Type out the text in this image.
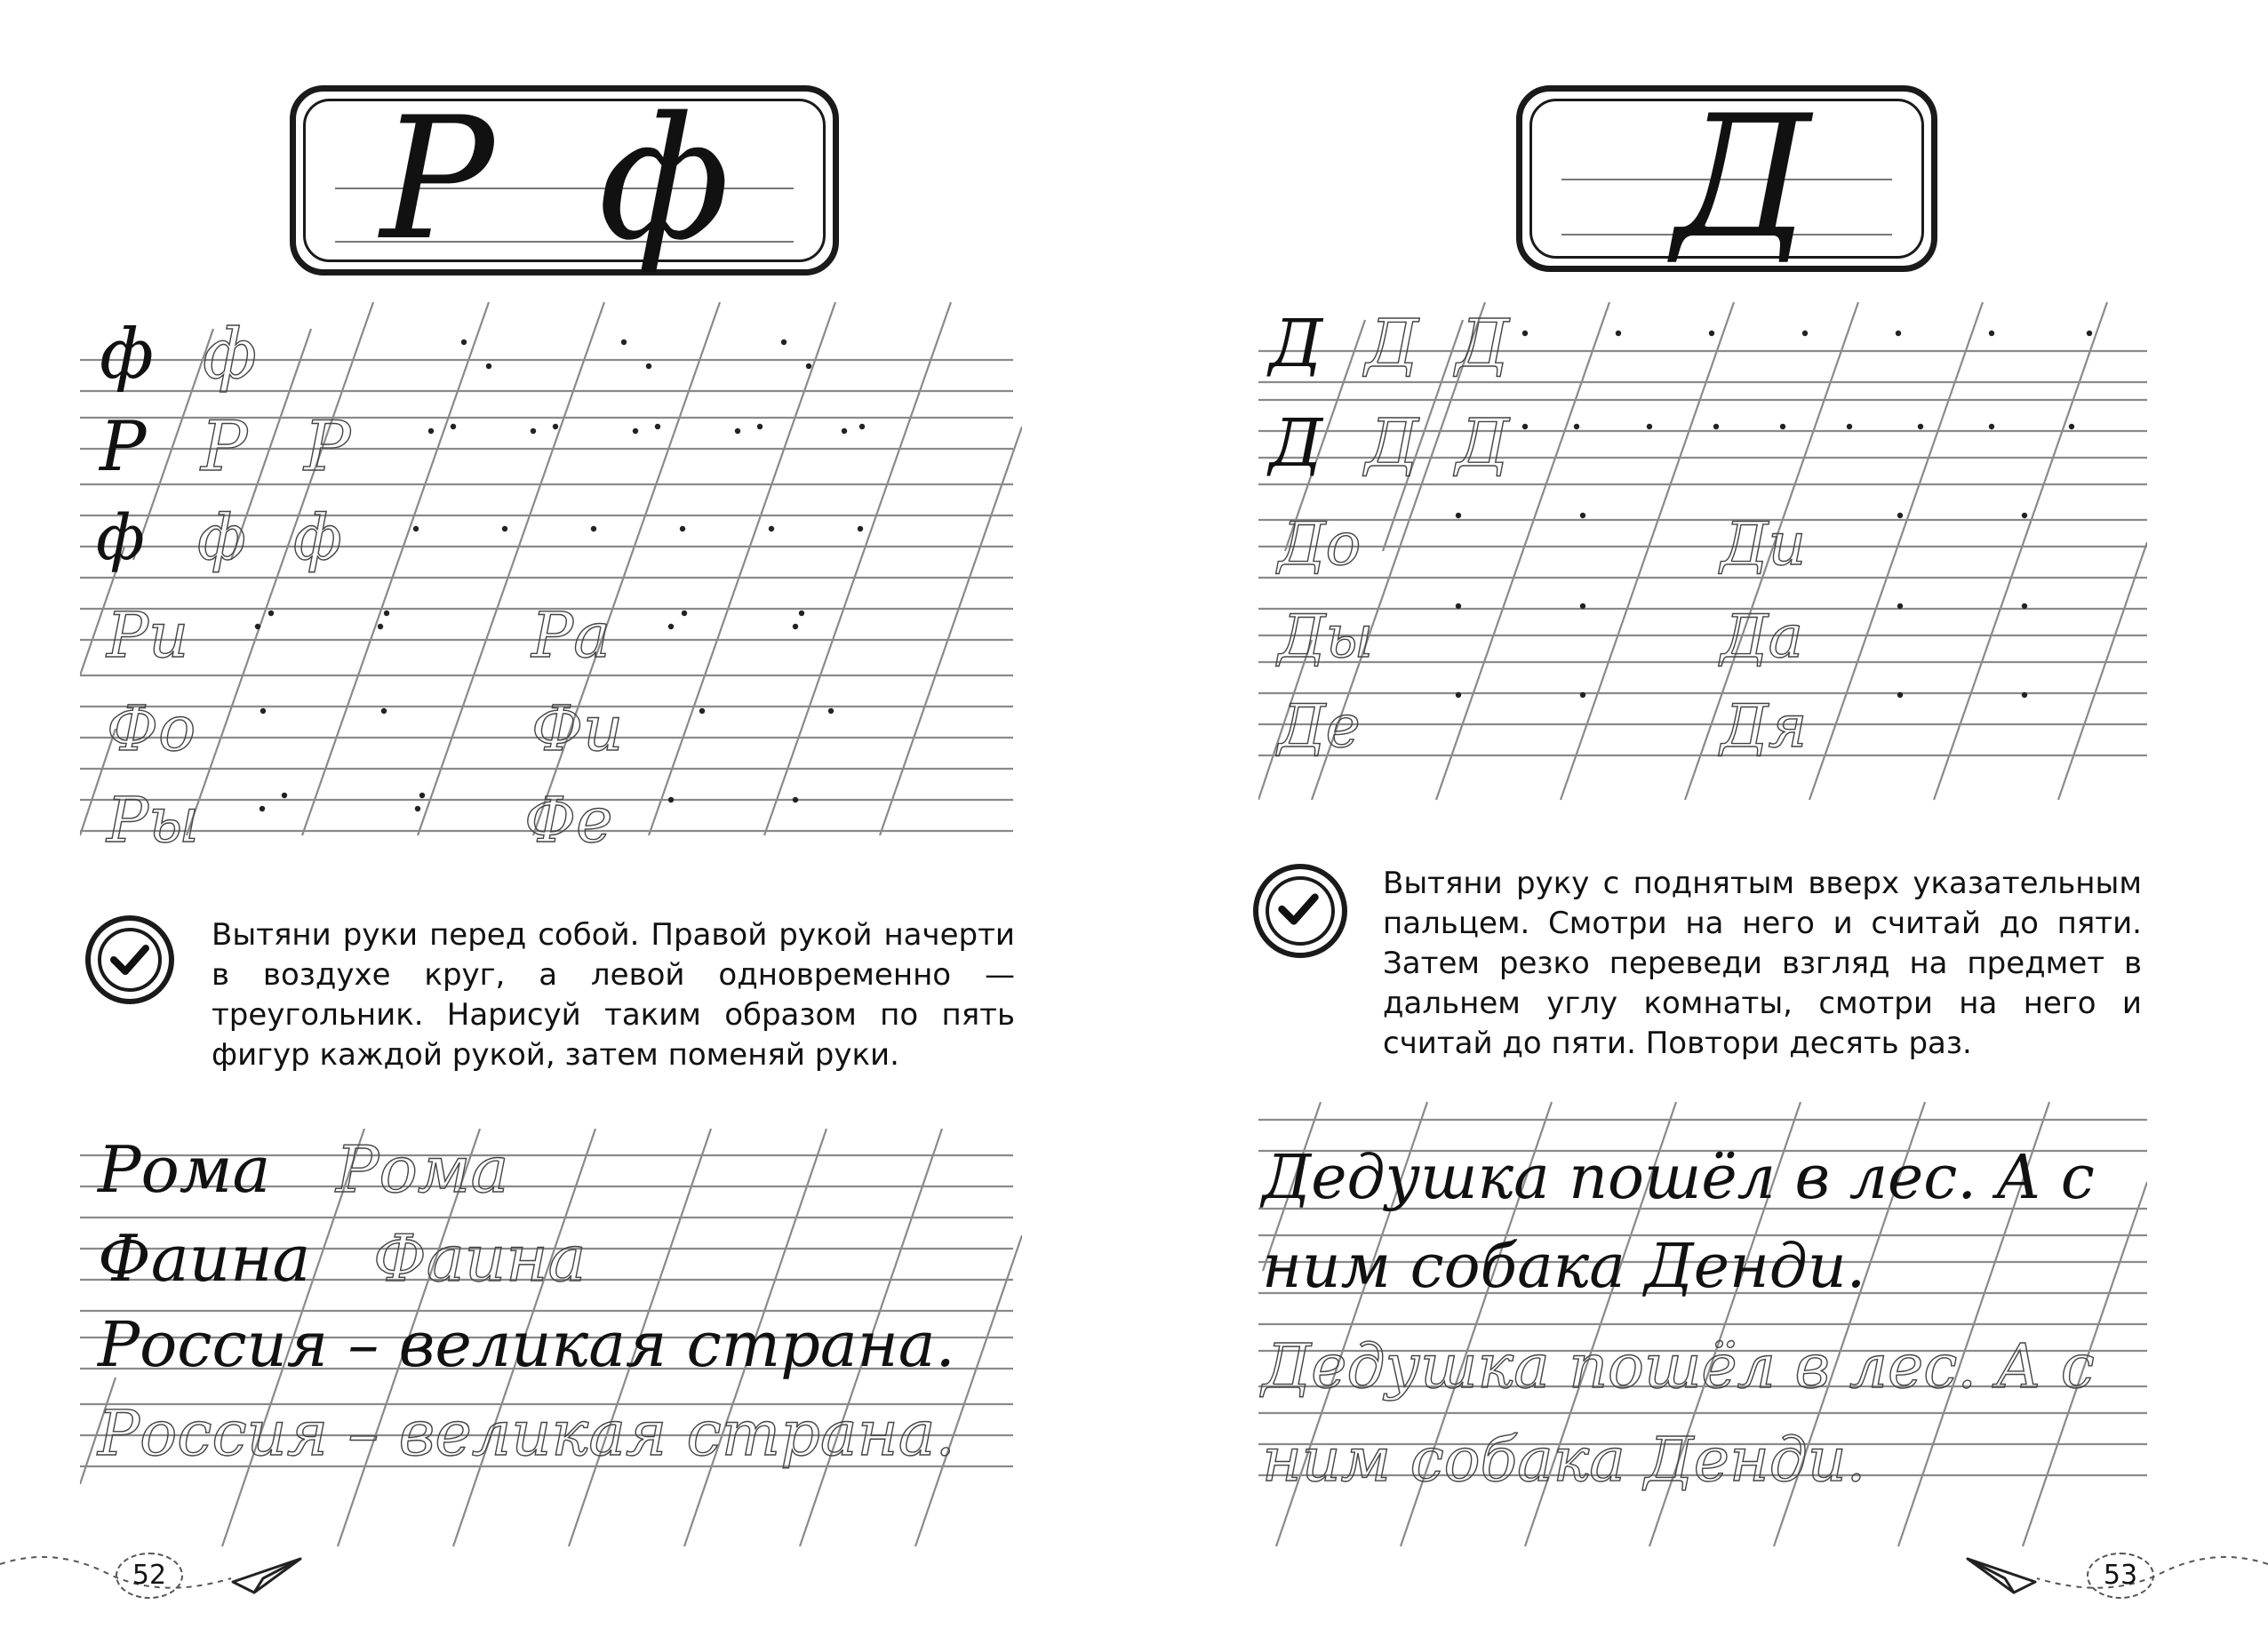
Р ф
ф ф
Р Р Р
ф ф ф
Ри
Фо
Ры
Ра
Фи
Фе
Вытяни руки перед собой. Правой рукой начерти в воздухе круг, а левой одновременно — треугольник. Нарисуй таким образом по пять фигур каждой рукой, затем поменяй руки.
Рома Рома
Фаина Фаина
Россия – великая страна.
Россия – великая страна.
52
Д
Д Д Д
Д Д Д
До
Ды
Де
Ди
Да
Дя
Вытяни руку с поднятым вверх указательным пальцем. Смотри на него и считай до пяти. Затем резко переведи взгляд на предмет в дальнем углу комнаты, смотри на него и считай до пяти. Повтори десять раз.
Дедушка пошёл в лес. А с
ним собака Денди.
Дедушка пошёл в лес. А с
ним собака Денди.
53
